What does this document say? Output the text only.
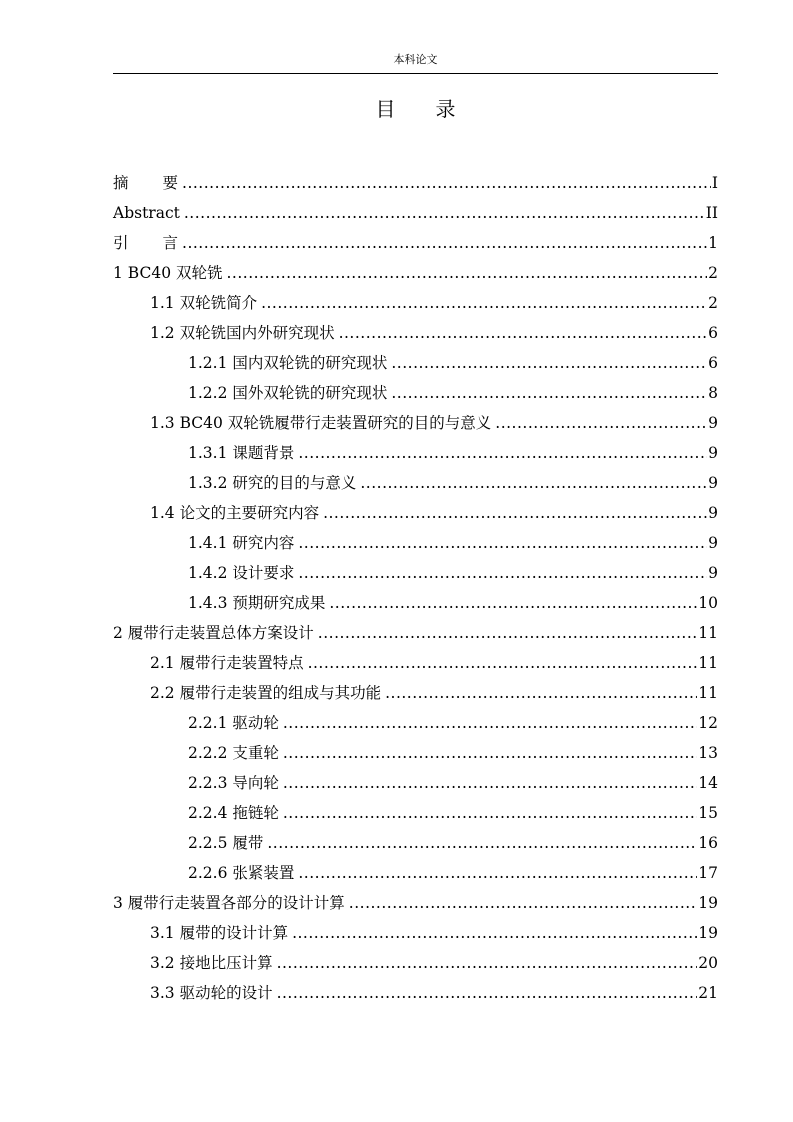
本科论文
目 录
摘 要 .....	I
Abstract .....	II
引 言 .....	1
1 BC40 双轮铣 .....	2
1.1 双轮铣简介 .....	2
1.2 双轮铣国内外研究现状 .....	6
1.2.1 国内双轮铣的研究现状 .....	6
1.2.2 国外双轮铣的研究现状 .....	8
1.3 BC40 双轮铣履带行走装置研究的目的与意义 .....	9
1.3.1 课题背景 .....	9
1.3.2 研究的目的与意义 .....	9
1.4 论文的主要研究内容 .....	9
1.4.1 研究内容 .....	9
1.4.2 设计要求 .....	9
1.4.3 预期研究成果 .....	10
2 履带行走装置总体方案设计 .....	11
2.1 履带行走装置特点 .....	11
2.2 履带行走装置的组成与其功能 .....	11
2.2.1 驱动轮 .....	12
2.2.2 支重轮 .....	13
2.2.3 导向轮 .....	14
2.2.4 拖链轮 .....	15
2.2.5 履带 .....	16
2.2.6 张紧装置 .....	17
3 履带行走装置各部分的设计计算 .....	19
3.1 履带的设计计算 .....	19
3.2 接地比压计算 .....	20
3.3 驱动轮的设计 .....	21
